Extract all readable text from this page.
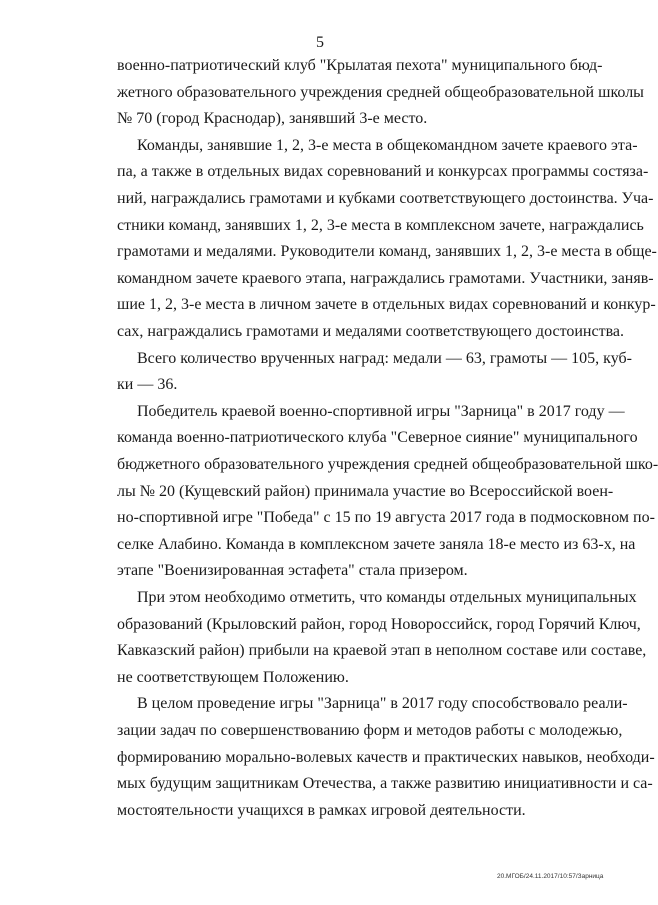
5
военно-патриотический клуб "Крылатая пехота" муниципального бюд-
жетного образовательного учреждения средней общеобразовательной школы
№ 70 (город Краснодар), занявший 3-е место.
Команды, занявшие 1, 2, 3-е места в общекомандном зачете краевого эта-
па, а также в отдельных видах соревнований и конкурсах программы состяза-
ний, награждались грамотами и кубками соответствующего достоинства. Уча-
стники команд, занявших 1, 2, 3-е места в комплексном зачете, награждались
грамотами и медалями. Руководители команд, занявших 1, 2, 3-е места в обще-
командном зачете краевого этапа, награждались грамотами. Участники, заняв-
шие 1, 2, 3-е места в личном зачете в отдельных видах соревнований и конкур-
сах, награждались грамотами и медалями соответствующего достоинства.
Всего количество врученных наград: медали — 63, грамоты — 105, куб-
ки — 36.
Победитель краевой военно-спортивной игры "Зарница" в 2017 году —
команда военно-патриотического клуба "Северное сияние" муниципального
бюджетного образовательного учреждения средней общеобразовательной шко-
лы № 20 (Кущевский район) принимала участие во Всероссийской воен-
но-спортивной игре "Победа" с 15 по 19 августа 2017 года в подмосковном по-
селке Алабино. Команда в комплексном зачете заняла 18-е место из 63-х, на
этапе "Военизированная эстафета" стала призером.
При этом необходимо отметить, что команды отдельных муниципальных
образований (Крыловский район, город Новороссийск, город Горячий Ключ,
Кавказский район) прибыли на краевой этап в неполном составе или составе,
не соответствующем Положению.
В целом проведение игры "Зарница" в 2017 году способствовало реали-
зации задач по совершенствованию форм и методов работы с молодежью,
формированию морально-волевых качеств и практических навыков, необходи-
мых будущим защитникам Отечества, а также развитию инициативности и са-
мостоятельности учащихся в рамках игровой деятельности.
20.МГОБ/24.11.2017/10:57/Зарница
